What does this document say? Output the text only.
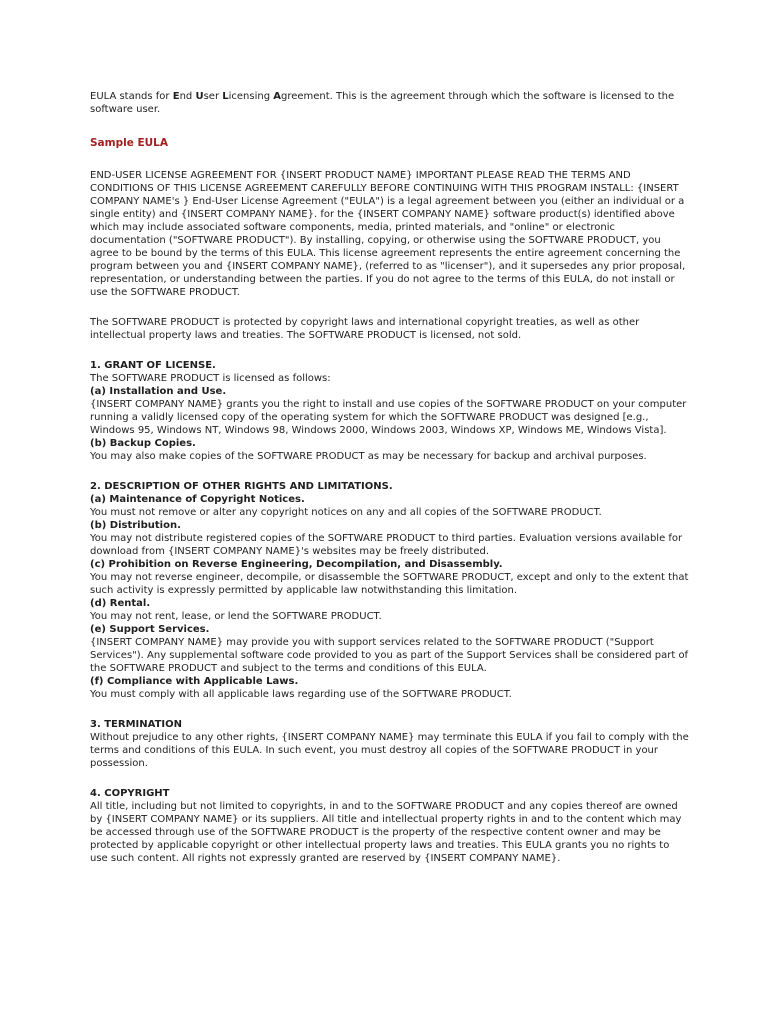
EULA stands for End User Licensing Agreement. This is the agreement through which the software is licensed to the software user.

Sample EULA

END-USER LICENSE AGREEMENT FOR {INSERT PRODUCT NAME} IMPORTANT PLEASE READ THE TERMS AND CONDITIONS OF THIS LICENSE AGREEMENT CAREFULLY BEFORE CONTINUING WITH THIS PROGRAM INSTALL: {INSERT COMPANY NAME's } End-User License Agreement ("EULA") is a legal agreement between you (either an individual or a single entity) and {INSERT COMPANY NAME}. for the {INSERT COMPANY NAME} software product(s) identified above which may include associated software components, media, printed materials, and "online" or electronic documentation ("SOFTWARE PRODUCT"). By installing, copying, or otherwise using the SOFTWARE PRODUCT, you agree to be bound by the terms of this EULA. This license agreement represents the entire agreement concerning the program between you and {INSERT COMPANY NAME}, (referred to as "licenser"), and it supersedes any prior proposal, representation, or understanding between the parties. If you do not agree to the terms of this EULA, do not install or use the SOFTWARE PRODUCT.

The SOFTWARE PRODUCT is protected by copyright laws and international copyright treaties, as well as other intellectual property laws and treaties. The SOFTWARE PRODUCT is licensed, not sold.

1. GRANT OF LICENSE.

The SOFTWARE PRODUCT is licensed as follows:

(a) Installation and Use.

{INSERT COMPANY NAME} grants you the right to install and use copies of the SOFTWARE PRODUCT on your computer running a validly licensed copy of the operating system for which the SOFTWARE PRODUCT was designed [e.g., Windows 95, Windows NT, Windows 98, Windows 2000, Windows 2003, Windows XP, Windows ME, Windows Vista].

(b) Backup Copies.

You may also make copies of the SOFTWARE PRODUCT as may be necessary for backup and archival purposes.

2. DESCRIPTION OF OTHER RIGHTS AND LIMITATIONS.

(a) Maintenance of Copyright Notices.

You must not remove or alter any copyright notices on any and all copies of the SOFTWARE PRODUCT.

(b) Distribution.

You may not distribute registered copies of the SOFTWARE PRODUCT to third parties. Evaluation versions available for download from {INSERT COMPANY NAME}'s websites may be freely distributed.

(c) Prohibition on Reverse Engineering, Decompilation, and Disassembly.

You may not reverse engineer, decompile, or disassemble the SOFTWARE PRODUCT, except and only to the extent that such activity is expressly permitted by applicable law notwithstanding this limitation.

(d) Rental.

You may not rent, lease, or lend the SOFTWARE PRODUCT.

(e) Support Services.

{INSERT COMPANY NAME} may provide you with support services related to the SOFTWARE PRODUCT ("Support Services"). Any supplemental software code provided to you as part of the Support Services shall be considered part of the SOFTWARE PRODUCT and subject to the terms and conditions of this EULA.

(f) Compliance with Applicable Laws.

You must comply with all applicable laws regarding use of the SOFTWARE PRODUCT.

3. TERMINATION

Without prejudice to any other rights, {INSERT COMPANY NAME} may terminate this EULA if you fail to comply with the terms and conditions of this EULA. In such event, you must destroy all copies of the SOFTWARE PRODUCT in your possession.

4. COPYRIGHT

All title, including but not limited to copyrights, in and to the SOFTWARE PRODUCT and any copies thereof are owned by {INSERT COMPANY NAME} or its suppliers. All title and intellectual property rights in and to the content which may be accessed through use of the SOFTWARE PRODUCT is the property of the respective content owner and may be protected by applicable copyright or other intellectual property laws and treaties. This EULA grants you no rights to use such content. All rights not expressly granted are reserved by {INSERT COMPANY NAME}.
